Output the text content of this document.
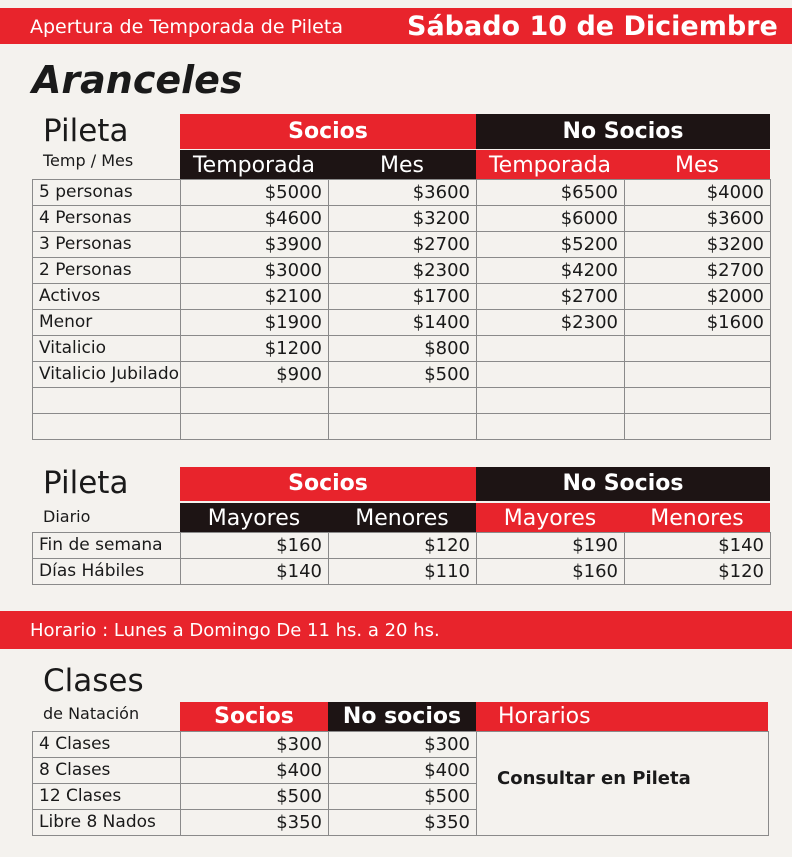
Apertura de Temporada de Pileta Sábado 10 de Diciembre
Aranceles
Pileta
Temp / Mes
Socios	No Socios
Temporada	Mes	Temporada	Mes
5 personas	$5000	$3600	$6500	$4000
4 Personas	$4600	$3200	$6000	$3600
3 Personas	$3900	$2700	$5200	$3200
2 Personas	$3000	$2300	$4200	$2700
Activos	$2100	$1700	$2700	$2000
Menor	$1900	$1400	$2300	$1600
Vitalicio	$1200	$800		
Vitalicio Jubilado	$900	$500		

Pileta
Diario
Socios	No Socios
Mayores	Menores	Mayores	Menores
Fin de semana	$160	$120	$190	$140
Días Hábiles	$140	$110	$160	$120
Horario : Lunes a Domingo De 11 hs. a 20 hs.
Clases
de Natación	Socios	No socios	Horarios
4 Clases	$300	$300	
8 Clases	$400	$400	
12 Clases	$500	$500	
Libre 8 Nados	$350	$350	
Consultar en Pileta
